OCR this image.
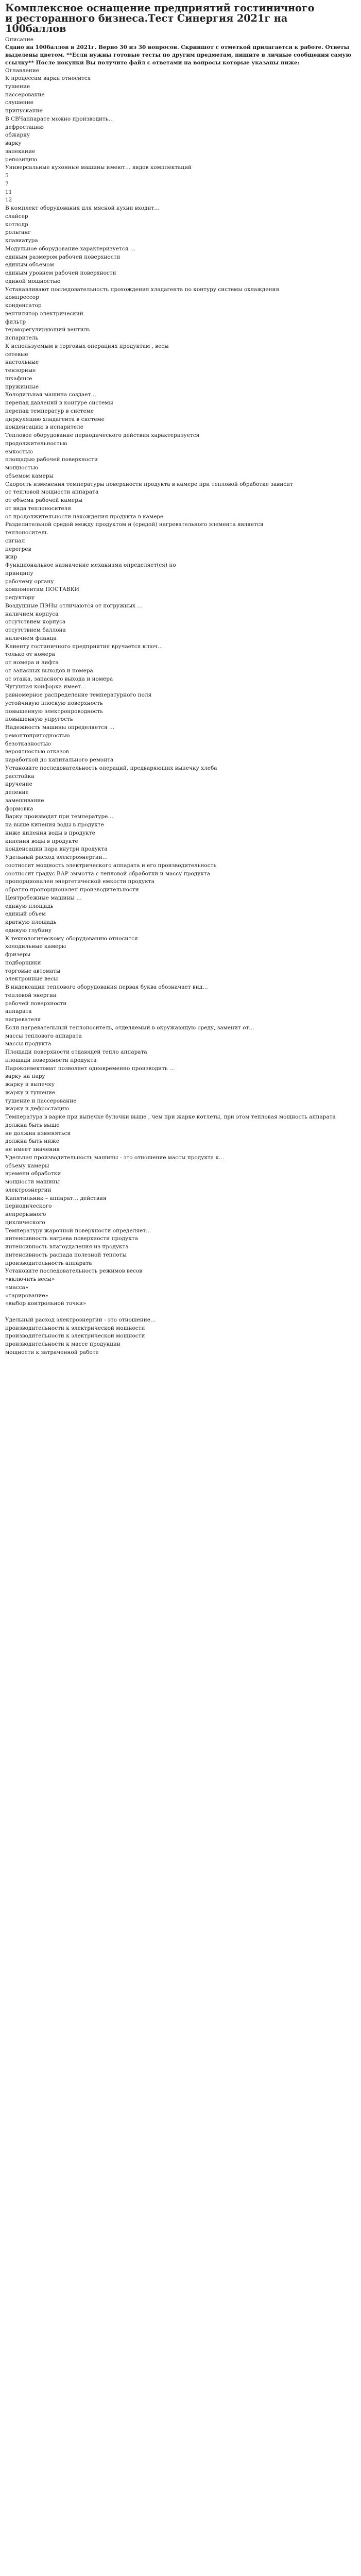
Комплексное оснащение предприятий гостиничного
и ресторанного бизнеса.Тест Синергия 2021г на
100баллов
Описание
Сдано на 100баллов в 2021г. Верно 30 из 30 вопросов. Скриншот с отметкой прилагается к работе. Ответы выделены цветом. **Если нужны готовые тесты по другим предметам, пишите в личные сообщения самую ссылку** После покупки Вы получите файл с ответами на вопросы которые указаны ниже:
Оглавление
К процессам варки относится
тушение
пассерование
слушение
припускание
В СВЧаппарате можно производить…
дефростацию
обжарку
варку
запекание
репозицию
Универсальные кухонные машины имеют… видов комплектаций
5
7
11
12
В комплект оборудования для мясной кухни входит…
слайсер
котлодр
рольганг
клавиатура
Модульное оборудование характеризуется …
единым размером рабочей поверхности
единым объемом
единым уровнем рабочей поверхности
единой мощностью
Устанавливают последовательность прохождения хладагента по контуру системы охлаждения
компрессор
конденсатор
вентилятор электрический
фильтр
терморегулирующий вентиль
испаритель
К используемым в торговых операциях продуктам , весы
сетевые
настольные
тензорные
шкафные
пружинные
Холодильная машина создает…
перепад давлений в контуре системы
перепад температур в системе
циркуляцию хладагента в системе
конденсацию в испарителе
Тепловое оборудование периодического действия характеризуется
продолжительностью
емкостью
площадью рабочей поверхности
мощностью
объемом камеры
Скорость изменения температуры поверхности продукта в камере при тепловой обработке зависит
от тепловой мощности аппарата
от объема рабочей камеры
от вида теплоносителя
от продолжительности нахождения продукта в камере
Разделительной средой между продуктом и (средой) нагревательного элемента является
теплоноситель
сигнал
перегрев
жир
Функциональное назначение механизма определяет(ся) по
принципу
рабочему органу
компонентам ПОСТАВКИ
редуктору
Воздушные ПЭНы отличаются от погружных …
наличием корпуса
отсутствием корпуса
отсутствием баллона
наличием фланца
Клиенту гостиничного предприятия вручается ключ…
только от номера
от номера и лифта
от запасных выходов и номера
от этажа, запасного выхода и номера
Чугунная конфорка имеет…
равномерное распределение температурного поля
устойчивую плоскую поверхность
повышенную электропроводность
повышенную упругость
Надежность машины определяется …
ремонтопригодностью
безотказностью
вероятностью отказов
наработкой до капитального ремонта
Установите последовательность операций, предваряющих выпечку хлеба
расстойка
кручение
деление
замешивание
формовка
Варку производят при температуре…
на выше кипения воды в продукте
ниже кипения воды в продукте
кипения воды в продукте
конденсации пара внутри продукта
Удельный расход электроэнергии…
соотносит мощность электрического аппарата и его производительность
соотносит градус ВАР эммотта с тепловой обработки и массу продукта
пропорционален энергетической емкости продукта
обратно пропорционален производительности
Центробежные машины …
единую площадь
единый объем
кратную площадь
единую глубину
К технологическому оборудованию относится
холодильные камеры
фризеры
подборщики
торговые автоматы
электронные весы
В индексации теплового оборудования первая буква обозначает вид…
тепловой энергии
рабочей поверхности
аппарата
нагревателя
Если нагревательный теплоноситель, отделяемый в окружающую среду, заменит от…
массы теплового аппарата
массы продукта
Площади поверхности отдающей тепло аппарата
площади поверхности продукта
Пароконвектомат позволяет одновременно производить …
варку на пару
жарку и выпечку
жарку и тушение
тушение и пассерование
жарку и дефростацию
Температура в варке при выпечке булочки выше , чем при жарке котлеты, при этом тепловая мощность аппарата
должна быть выше
не должна изменяться
должна быть ниже
не имеет значения
Удельная производительность машины - это отношение массы продукта к…
объему камеры
времени обработки
мощности машины
электроэнергии
Кипятильник – аппарат… действия
периодического
непрерывного
циклического
Температуру жарочной поверхности определяет…
интенсивность нагрева поверхности продукта
интенсивность влагоудаления из продукта
интенсивность распада полезной теплоты
производительность аппарата
Установите последовательность режимов весов
«включить весы»
«масса»
«тарирование»
«выбор контрольной точки»

Удельный расход электроэнергии - это отношение…
производительности к электрической мощности
производительности к электрической мощности
производительности к массе продукции
мощности к затраченной работе
